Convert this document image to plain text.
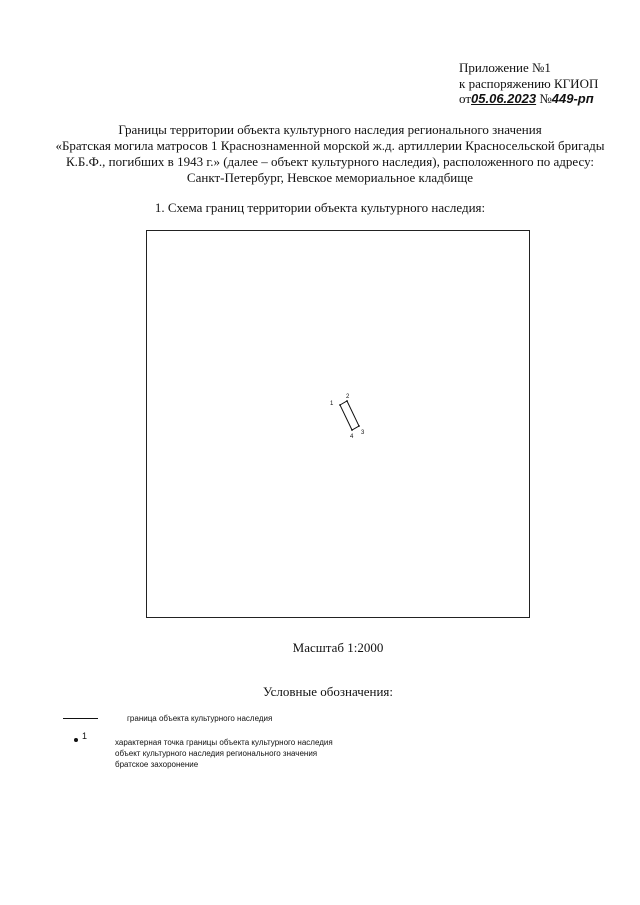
Приложение №1
к распоряжению КГИОП
от05.06.2023 №449-рп
Границы территории объекта культурного наследия регионального значения
«Братская могила матросов 1 Краснознаменной морской ж.д. артиллерии Красносельской бригады
К.Б.Ф., погибших в 1943 г.» (далее – объект культурного наследия), расположенного по адресу:
Санкт-Петербург, Невское мемориальное кладбище
1. Схема границ территории объекта культурного наследия:
1
2
3
4
Масштаб 1:2000
Условные обозначения:
граница объекта культурного наследия
1
характерная точка границы объекта культурного наследия
объект культурного наследия регионального значения
братское захоронение
